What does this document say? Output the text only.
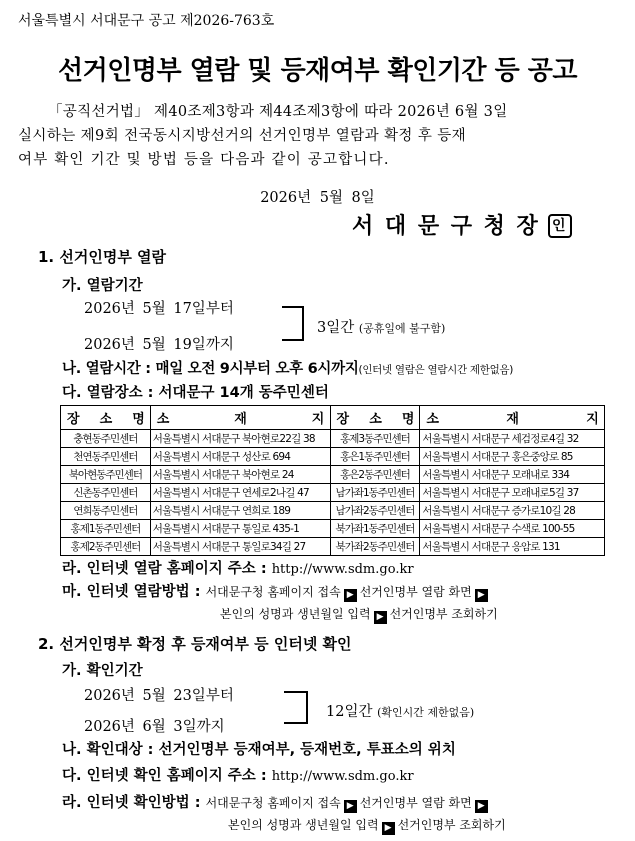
서울특별시 서대문구 공고 제2026-763호
선거인명부 열람 및 등재여부 확인기간 등 공고
「공직선거법」 제40조제3항과 제44조제3항에 따라 2026년 6월 3일
실시하는 제9회 전국동시지방선거의 선거인명부 열람과 확정 후 등재
여부 확인 기간 및 방법 등을 다음과 같이 공고합니다.
2026년 5월 8일
서 대 문 구 청 장 인
1. 선거인명부 열람
가. 열람기간
2026년 5월 17일부터
2026년 5월 19일까지
3일간 (공휴일에 불구함)
나. 열람시간 : 매일 오전 9시부터 오후 6시까지(인터넷 열람은 열람시간 제한없음)
다. 열람장소 : 서대문구 14개 동주민센터
장 소 명	소 재 지	장 소 명	소 재 지

충현동주민센터	서울특별시 서대문구 북아현로22길 38	홍제3동주민센터	서울특별시 서대문구 세검정로4길 32
천연동주민센터	서울특별시 서대문구 성산로 694	홍은1동주민센터	서울특별시 서대문구 홍은중앙로 85
북아현동주민센터	서울특별시 서대문구 북아현로 24	홍은2동주민센터	서울특별시 서대문구 모래내로 334
신촌동주민센터	서울특별시 서대문구 연세로2나길 47	남가좌1동주민센터	서울특별시 서대문구 모래내로5길 37
연희동주민센터	서울특별시 서대문구 연희로 189	남가좌2동주민센터	서울특별시 서대문구 증가로10길 28
홍제1동주민센터	서울특별시 서대문구 통일로 435-1	북가좌1동주민센터	서울특별시 서대문구 수색로 100-55
홍제2동주민센터	서울특별시 서대문구 통일로34길 27	북가좌2동주민센터	서울특별시 서대문구 응암로 131
라. 인터넷 열람 홈페이지 주소 : http://www.sdm.go.kr
마. 인터넷 열람방법 : 서대문구청 홈페이지 접속 ▶ 선거인명부 열람 화면 ▶
본인의 성명과 생년월일 입력 ▶ 선거인명부 조회하기
2. 선거인명부 확정 후 등재여부 등 인터넷 확인
가. 확인기간
2026년 5월 23일부터
2026년 6월 3일까지
12일간 (확인시간 제한없음)
나. 확인대상 : 선거인명부 등재여부, 등재번호, 투표소의 위치
다. 인터넷 확인 홈페이지 주소 : http://www.sdm.go.kr
라. 인터넷 확인방법 : 서대문구청 홈페이지 접속 ▶ 선거인명부 열람 화면 ▶
본인의 성명과 생년월일 입력 ▶ 선거인명부 조회하기
